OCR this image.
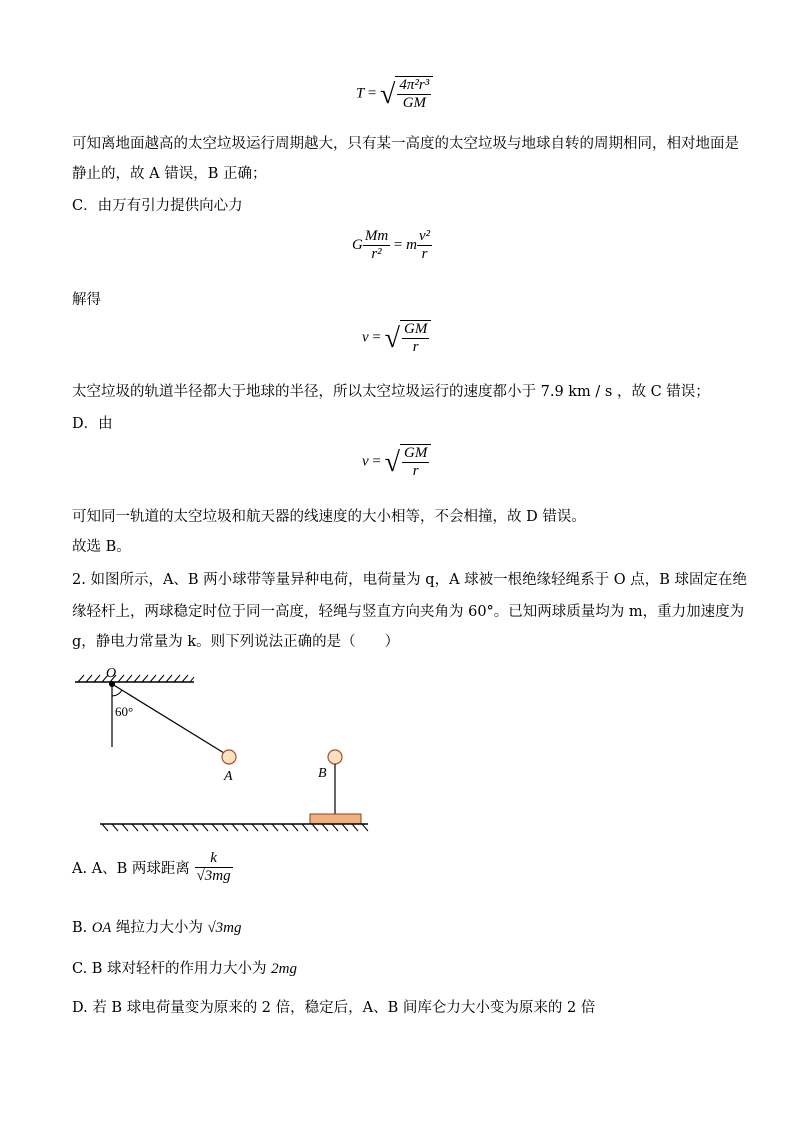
T = √ $\frac{\text{4π²r³}}{GM}$
可知离地面越高的太空垃圾运行周期越大，只有某一高度的太空垃圾与地球自转的周期相同，相对地面是
静止的，故 A 错误，B 正确；
C．由万有引力提供向心力
G $\frac{Mm}{\text{r²}} = m \frac{\text{v²}}{r}$
解得
v = √ $\frac{GM}{r}$
太空垃圾的轨道半径都大于地球的半径，所以太空垃圾运行的速度都小于 7.9 km / s ，故 C 错误；
D．由
v = √ $\frac{GM}{r}$
可知同一轨道的太空垃圾和航天器的线速度的大小相等，不会相撞，故 D 错误。
故选 B。
2. 如图所示，A、B 两小球带等量异种电荷，电荷量为 q，A 球被一根绝缘轻绳系于 O 点，B 球固定在绝
缘轻杆上，两球稳定时位于同一高度，轻绳与竖直方向夹角为 60°。已知两球质量均为 m，重力加速度为
g，静电力常量为 k。则下列说法正确的是（　　）
O
60°
A	B
A. A、B 两球距离 $\frac{k}{√3mg}$
B. OA 绳拉力大小为 √3mg
C. B 球对轻杆的作用力大小为 2mg
D. 若 B 球电荷量变为原来的 2 倍，稳定后，A、B 间库仑力大小变为原来的 2 倍
